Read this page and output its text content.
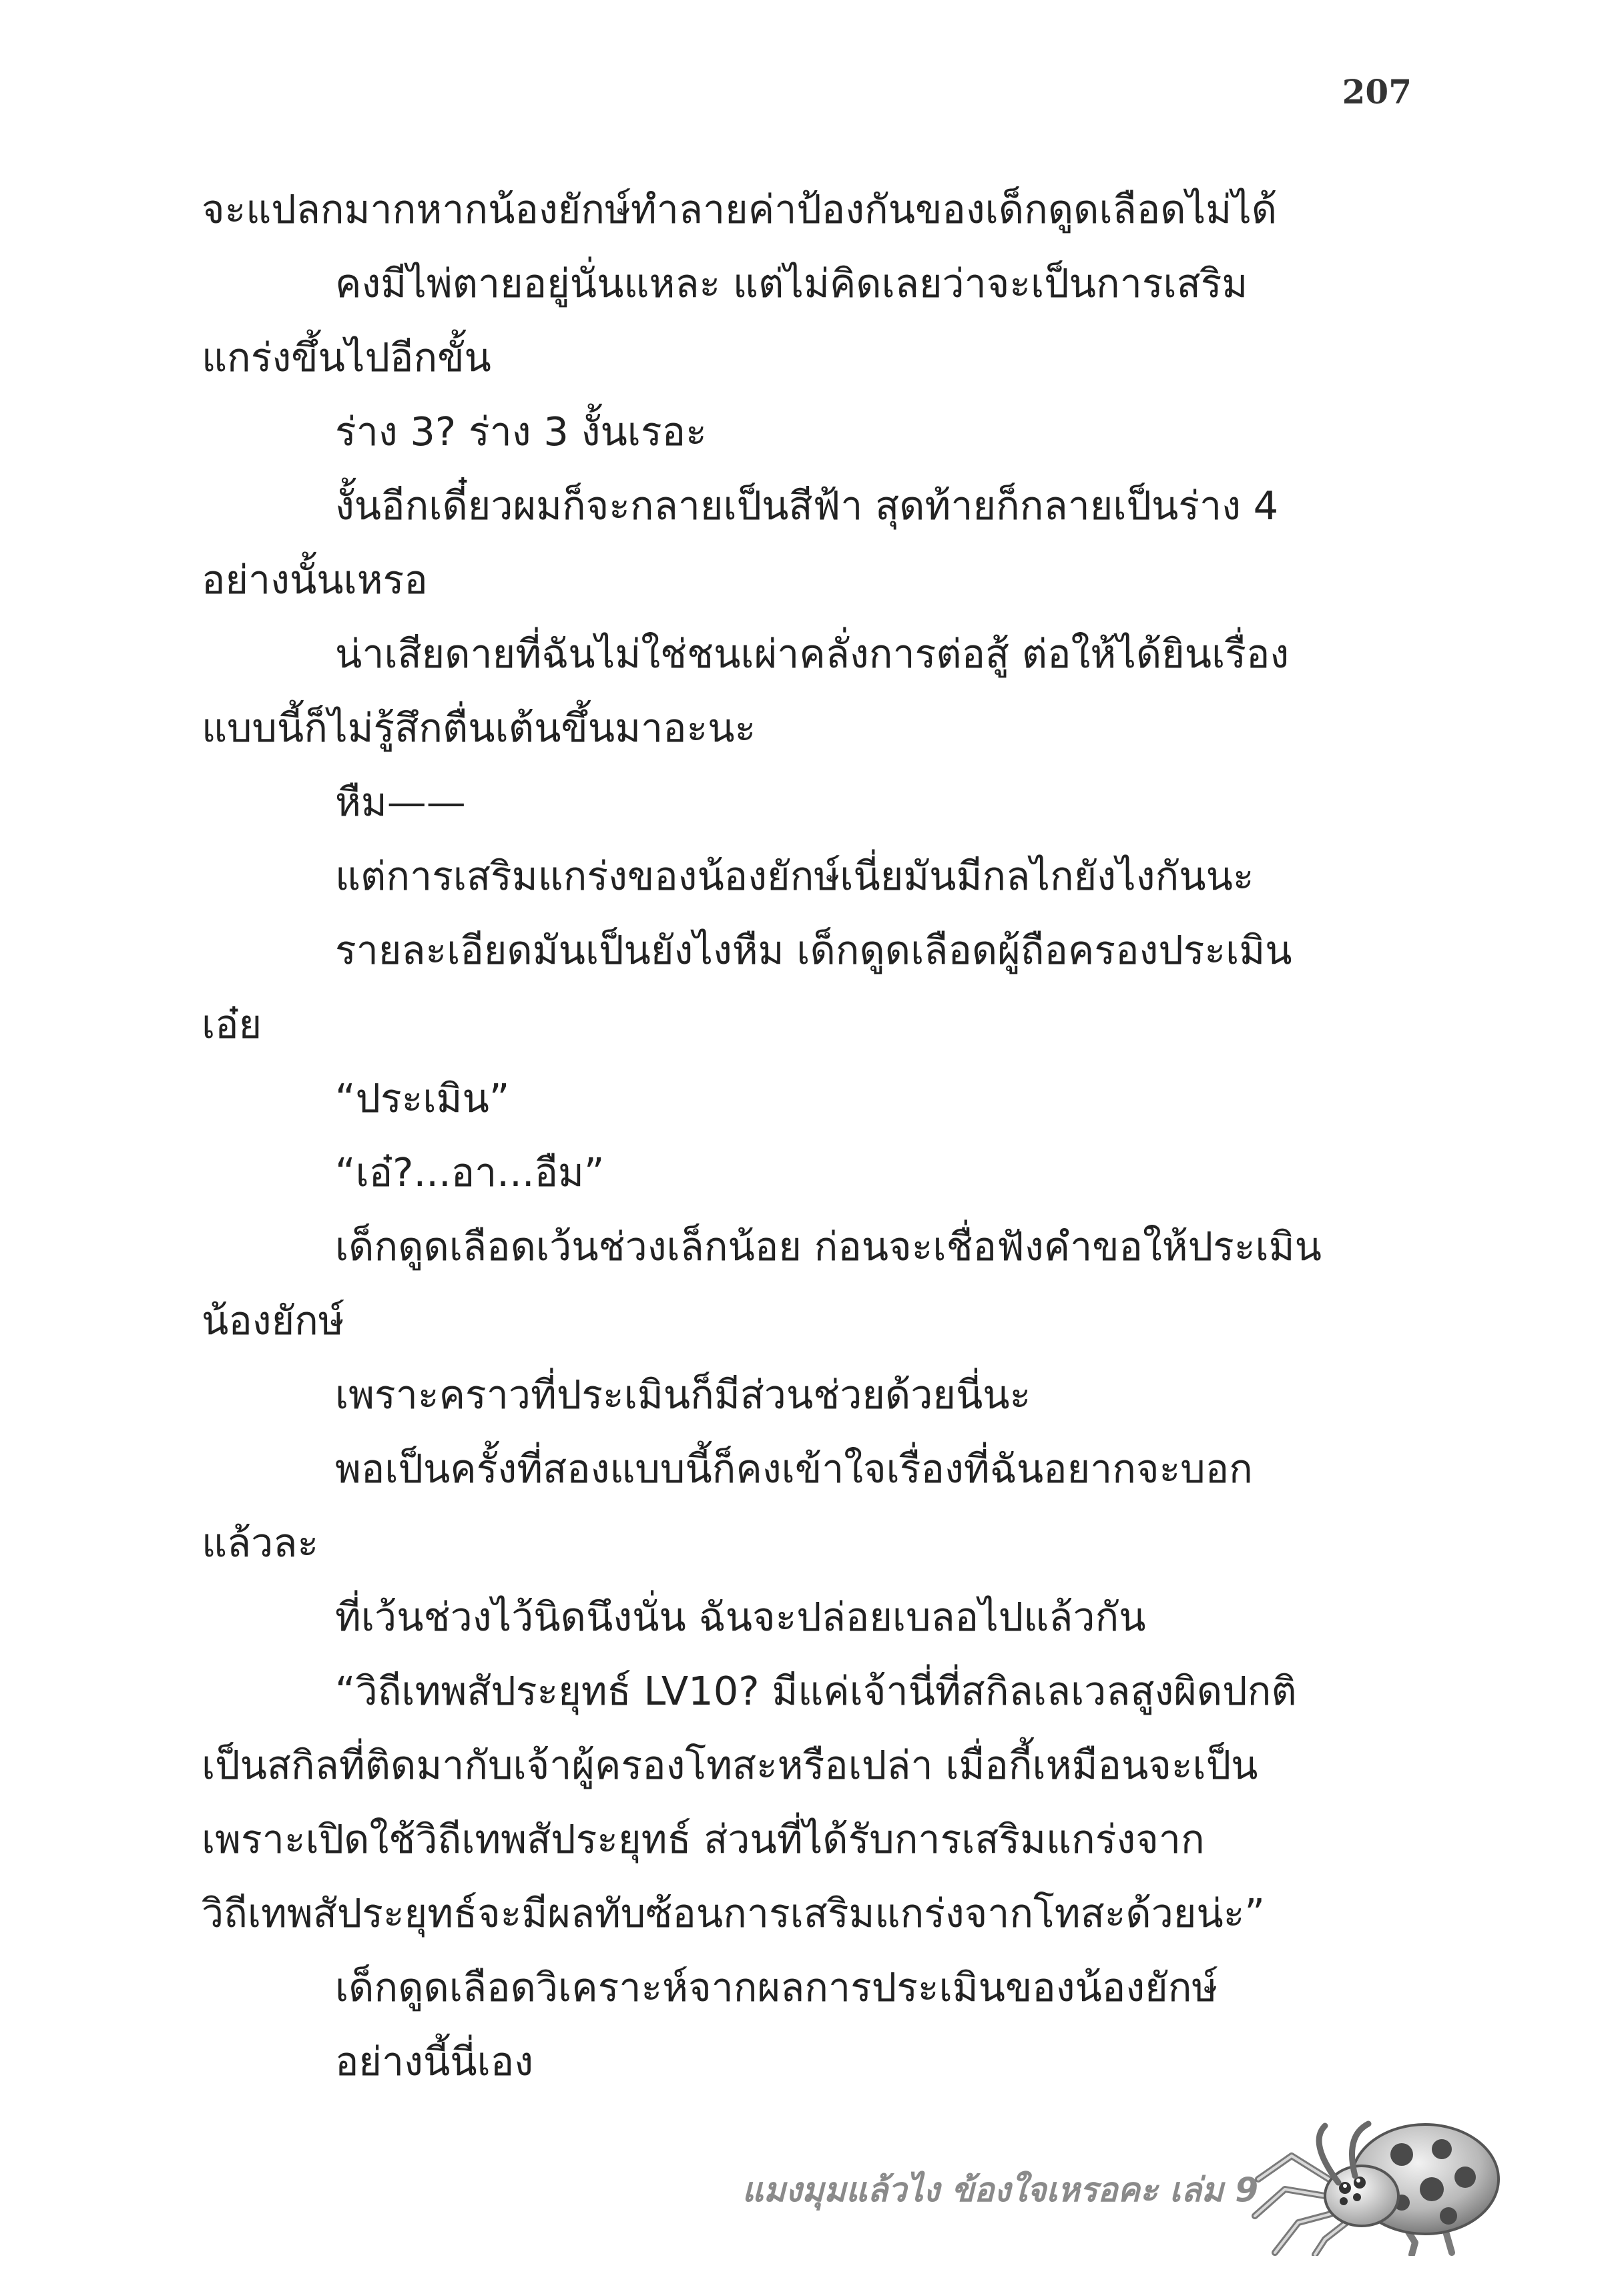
207

จะแปลกมากหากน้องยักษ์ทำลายค่าป้องกันของเด็กดูดเลือดไม่ได้

คงมีไพ่ตายอยู่นั่นแหละ แต่ไม่คิดเลยว่าจะเป็นการเสริม

แกร่งขึ้นไปอีกขั้น

ร่าง 3? ร่าง 3 งั้นเรอะ

งั้นอีกเดี๋ยวผมก็จะกลายเป็นสีฟ้า สุดท้ายก็กลายเป็นร่าง 4

อย่างนั้นเหรอ

น่าเสียดายที่ฉันไม่ใช่ชนเผ่าคลั่งการต่อสู้ ต่อให้ได้ยินเรื่อง

แบบนี้ก็ไม่รู้สึกตื่นเต้นขึ้นมาอะนะ

หืม——

แต่การเสริมแกร่งของน้องยักษ์เนี่ยมันมีกลไกยังไงกันนะ

รายละเอียดมันเป็นยังไงหืม เด็กดูดเลือดผู้ถือครองประเมิน

เอ๋ย

“ประเมิน”

“เอ๋?...อา...อืม”

เด็กดูดเลือดเว้นช่วงเล็กน้อย ก่อนจะเชื่อฟังคำขอให้ประเมิน

น้องยักษ์

เพราะคราวที่ประเมินก็มีส่วนช่วยด้วยนี่นะ

พอเป็นครั้งที่สองแบบนี้ก็คงเข้าใจเรื่องที่ฉันอยากจะบอก

แล้วละ

ที่เว้นช่วงไว้นิดนึงนั่น ฉันจะปล่อยเบลอไปแล้วกัน

“วิถีเทพสัประยุทธ์ LV10? มีแค่เจ้านี่ที่สกิลเลเวลสูงผิดปกติ

เป็นสกิลที่ติดมากับเจ้าผู้ครองโทสะหรือเปล่า เมื่อกี้เหมือนจะเป็น

เพราะเปิดใช้วิถีเทพสัประยุทธ์ ส่วนที่ได้รับการเสริมแกร่งจาก

วิถีเทพสัประยุทธ์จะมีผลทับซ้อนการเสริมแกร่งจากโทสะด้วยน่ะ”

เด็กดูดเลือดวิเคราะห์จากผลการประเมินของน้องยักษ์

อย่างนี้นี่เอง

แมงมุมแล้วไง ข้องใจเหรอคะ เล่ม 9
